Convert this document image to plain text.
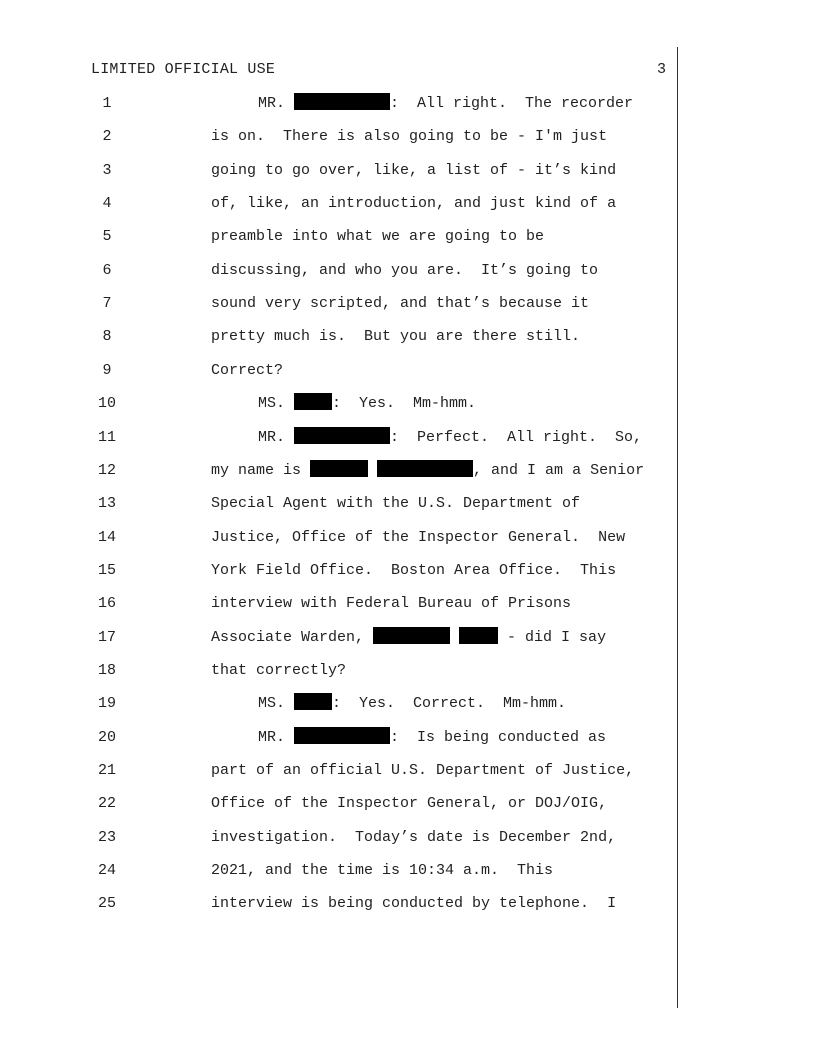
LIMITED OFFICIAL USE	3
1	MR.	:  All right.  The recorder
2	is on.  There is also going to be - I'm just
3	going to go over, like, a list of - it’s kind
4	of, like, an introduction, and just kind of a
5	preamble into what we are going to be
6	discussing, and who you are.  It’s going to
7	sound very scripted, and that’s because it
8	pretty much is.  But you are there still.
9	Correct?
10	MS.	:  Yes.  Mm-hmm.
11	MR.	:  Perfect.  All right.  So,
12	my name is	, and I am a Senior
13	Special Agent with the U.S. Department of
14	Justice, Office of the Inspector General.  New
15	York Field Office.  Boston Area Office.  This
16	interview with Federal Bureau of Prisons
17	Associate Warden,	- did I say
18	that correctly?
19	MS.	:  Yes.  Correct.  Mm-hmm.
20	MR.	:  Is being conducted as
21	part of an official U.S. Department of Justice,
22	Office of the Inspector General, or DOJ/OIG,
23	investigation.  Today’s date is December 2nd,
24	2021, and the time is 10:34 a.m.  This
25	interview is being conducted by telephone.  I
